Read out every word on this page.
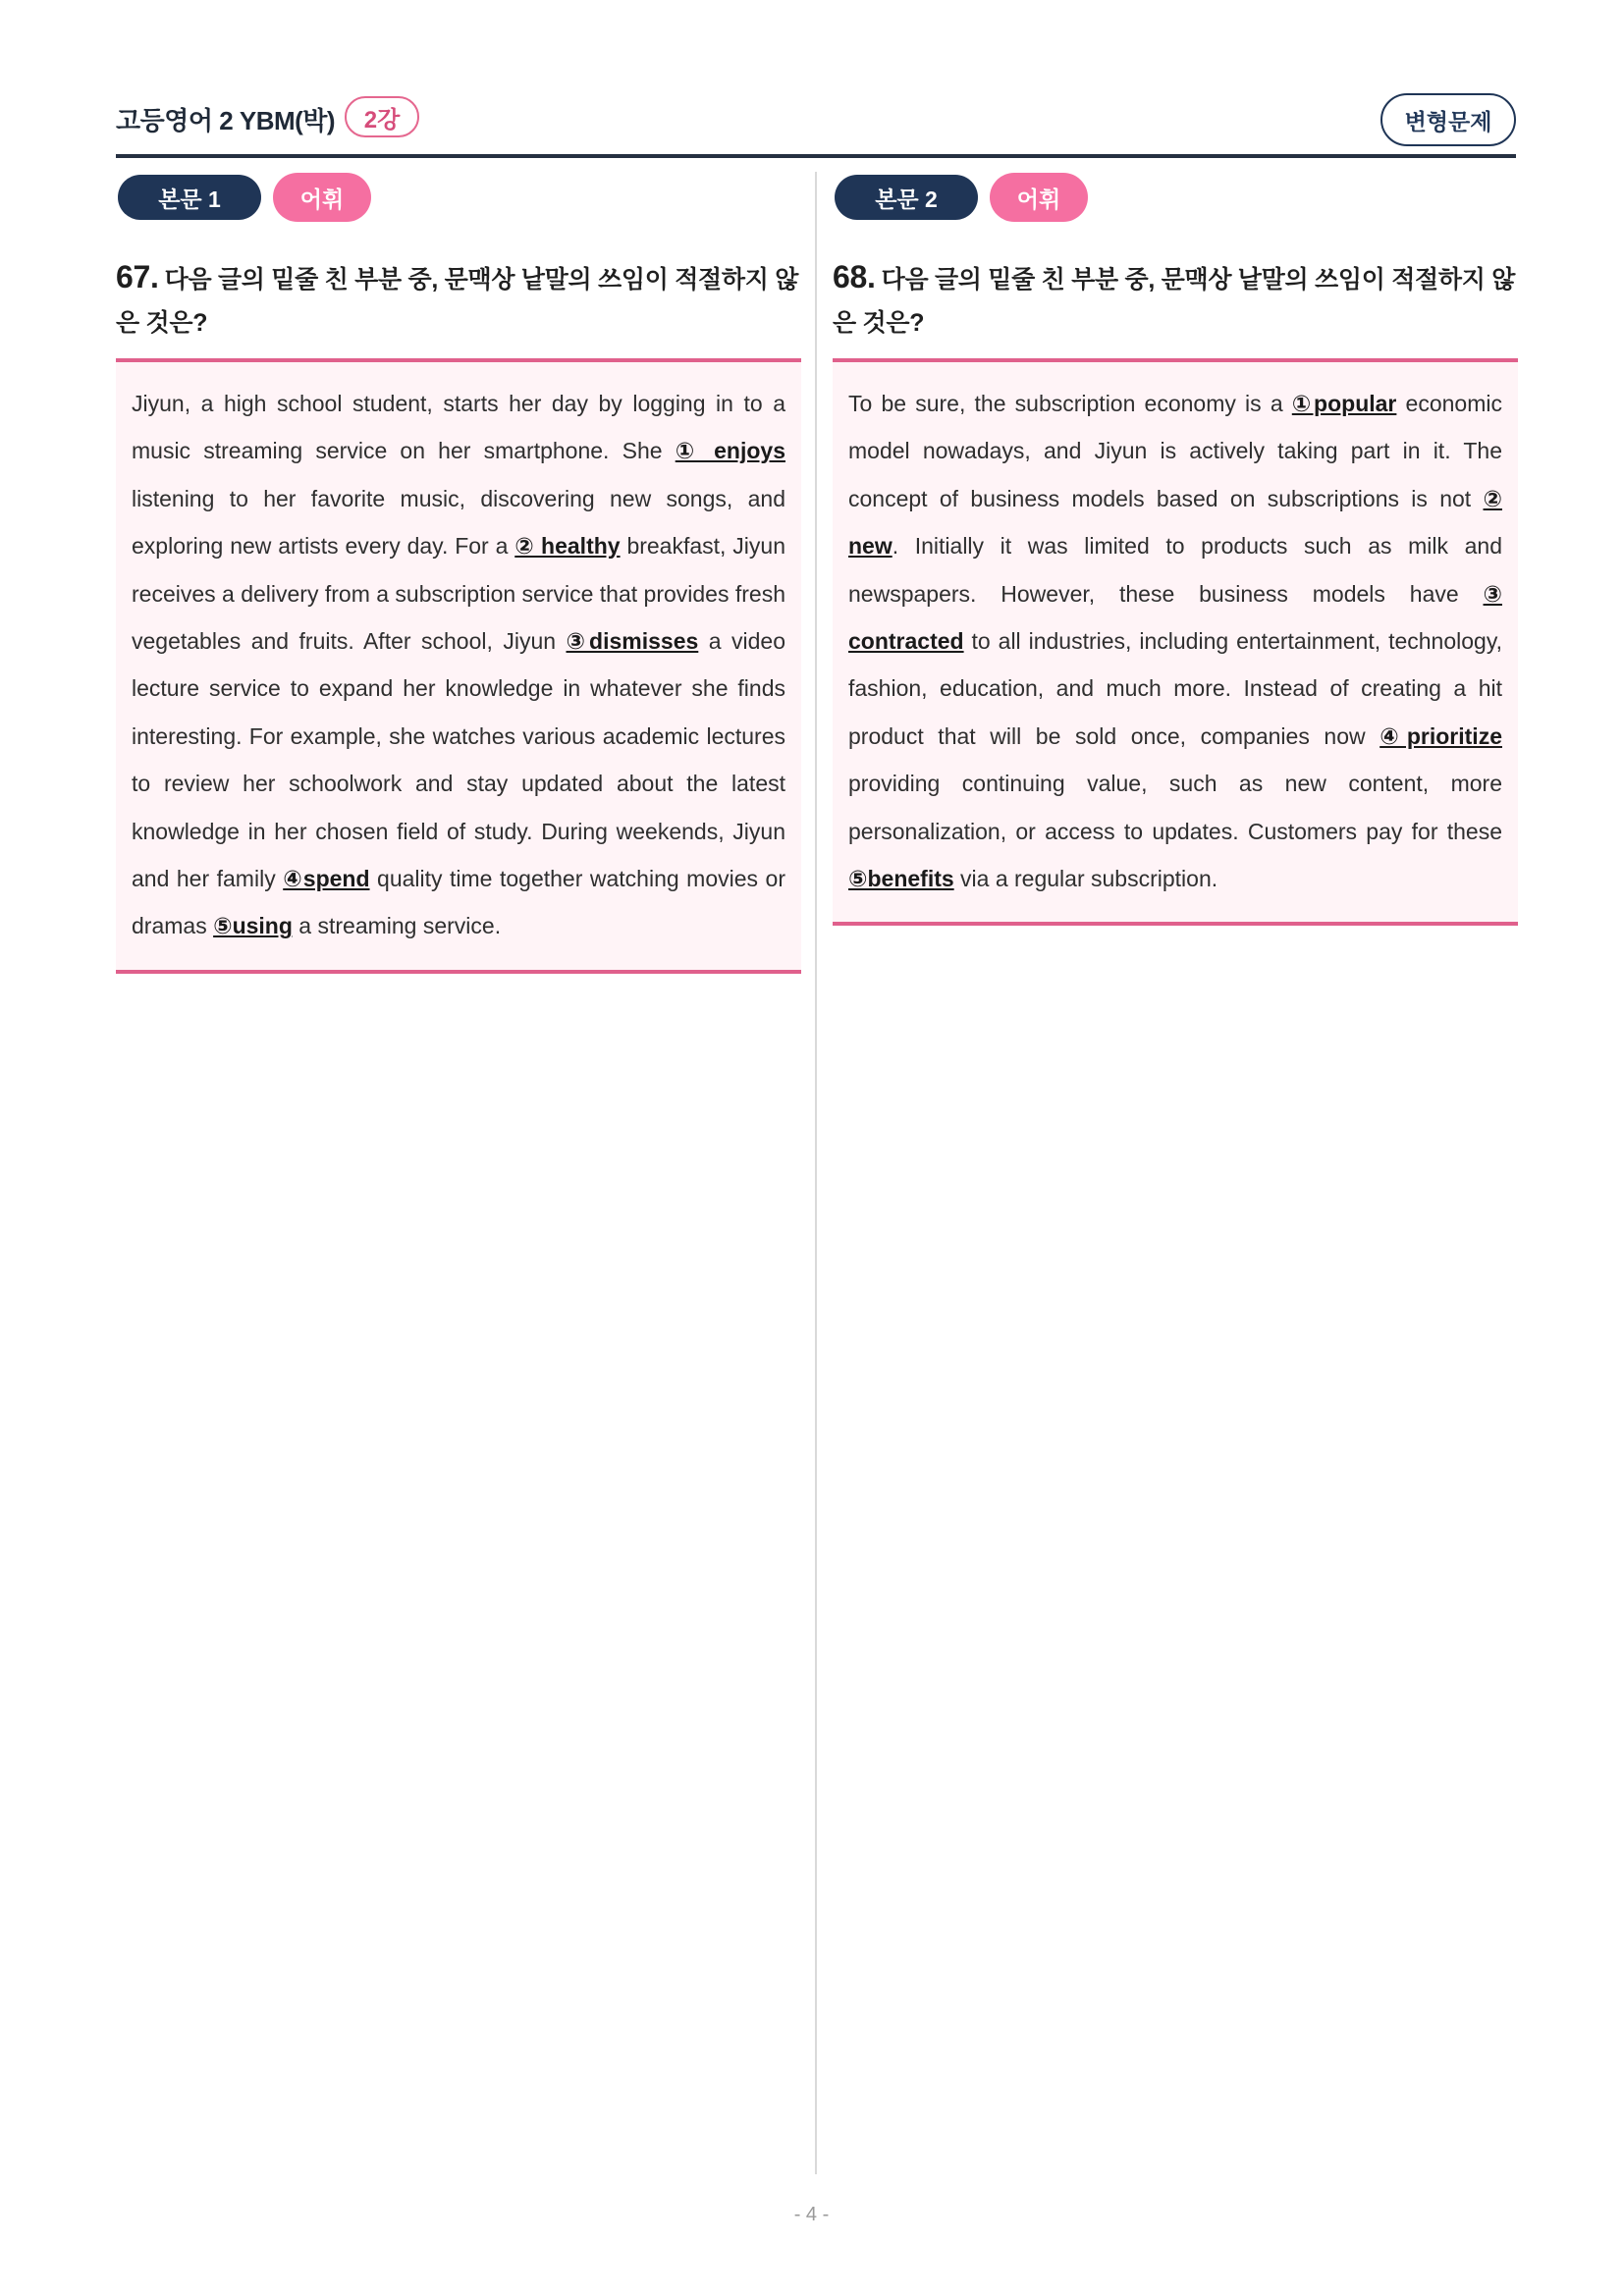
고등영어 2 YBM(박)	2강	변형문제
본문 1	어휘
67. 다음 글의 밑줄 친 부분 중, 문맥상 낱말의 쓰임이 적절하지 않은 것은?
Jiyun, a high school student, starts her day by logging in to a music streaming service on her smartphone. She ① enjoys listening to her favorite music, discovering new songs, and exploring new artists every day. For a ② healthy breakfast, Jiyun receives a delivery from a subscription service that provides fresh vegetables and fruits. After school, Jiyun ③dismisses a video lecture service to expand her knowledge in whatever she finds interesting. For example, she watches various academic lectures to review her schoolwork and stay updated about the latest knowledge in her chosen field of study. During weekends, Jiyun and her family ④spend quality time together watching movies or dramas ⑤using a streaming service.
본문 2	어휘
68. 다음 글의 밑줄 친 부분 중, 문맥상 낱말의 쓰임이 적절하지 않은 것은?
To be sure, the subscription economy is a ①popular economic model nowadays, and Jiyun is actively taking part in it. The concept of business models based on subscriptions is not ② new. Initially it was limited to products such as milk and newspapers. However, these business models have ③ contracted to all industries, including entertainment, technology, fashion, education, and much more. Instead of creating a hit product that will be sold once, companies now ④prioritize providing continuing value, such as new content, more personalization, or access to updates. Customers pay for these ⑤benefits via a regular subscription.
- 4 -
